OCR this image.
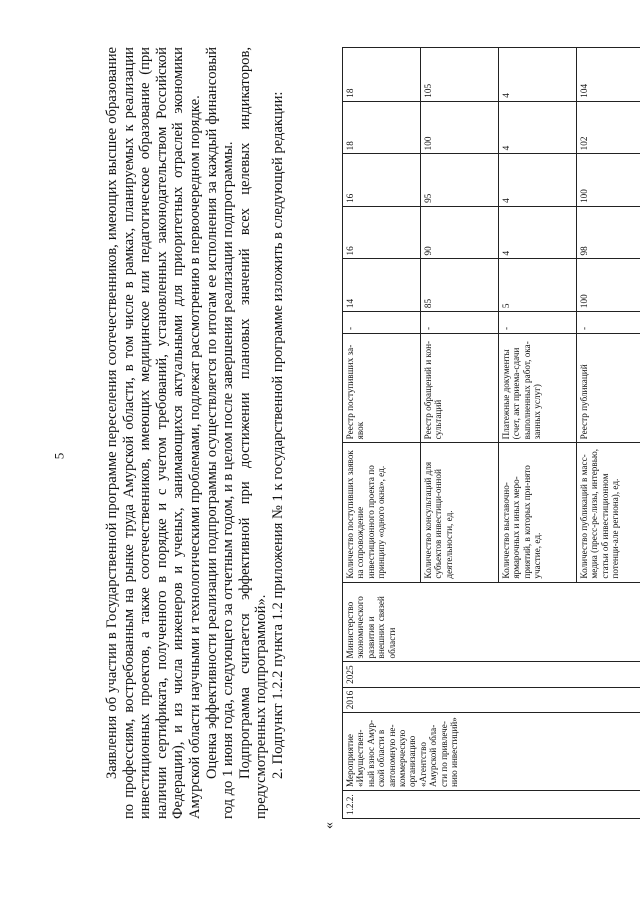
5	Заявления об участии в Государственной программе переселения соотечественников, имеющих высшее образование по профессиям, востребованным на рынке труда Амурской области, в том числе в рамках, планируемых к реализации инвестиционных проектов, а также соотечественников, имеющих медицинское или педагогическое образование (при наличии сертификата, полученного в порядке и с учетом требований, установленных законодательством Российской Федерации), и из числа инженеров и ученых, занимающихся актуальными для приоритетных отраслей экономики Амурской области научными и технологическими проблемами, подлежат рассмотрению в первоочередном порядке. Оценка эффективности реализации подпрограммы осуществляется по итогам ее исполнения за каждый финансовый год до 1 июня года, следующего за отчетным годом, и в целом после завершения реализации подпрограммы. Подпрограмма считается эффективной при достижении плановых значений всех целевых индикаторов, предусмотренных подпрограммой». 2. Подпункт 1.2.2 пункта 1.2 приложения № 1 к государственной программе изложить в следующей редакции:

«
1.2.2.	Мероприятие «Имуществен-ный взнос Амур-ской области в автономную не-коммерческую организацию «Агентство Амурской обла-сти по привлече-нию инвестиций»	2016	2025	Министерство экономического развития и внешних связей области	Количество поступивших заявок на сопровождение инвестиционного проекта по принципу «одного окна», ед.	Реестр поступивших за-явок	-	14	16	16	18	18
					Количество консультаций для субъектов инвестици-онной деятельности, ед.	Реестр обращений и кон-сультаций	-	85	90	95	100	105
					Количество выставочно-ярмарочных и иных меро-приятий, в которых при-нято участие, ед.	Платежные документы (счет, акт приема-сдачи выполненных работ, ока-занных услуг)	-	5	4	4	4	4
					Количество публикаций в масс-медиа (пресс-ре-лизы, интервью, статьи об инвестиционном потенци-але региона), ед.	Реестр публикаций	-	100	98	100	102	104
